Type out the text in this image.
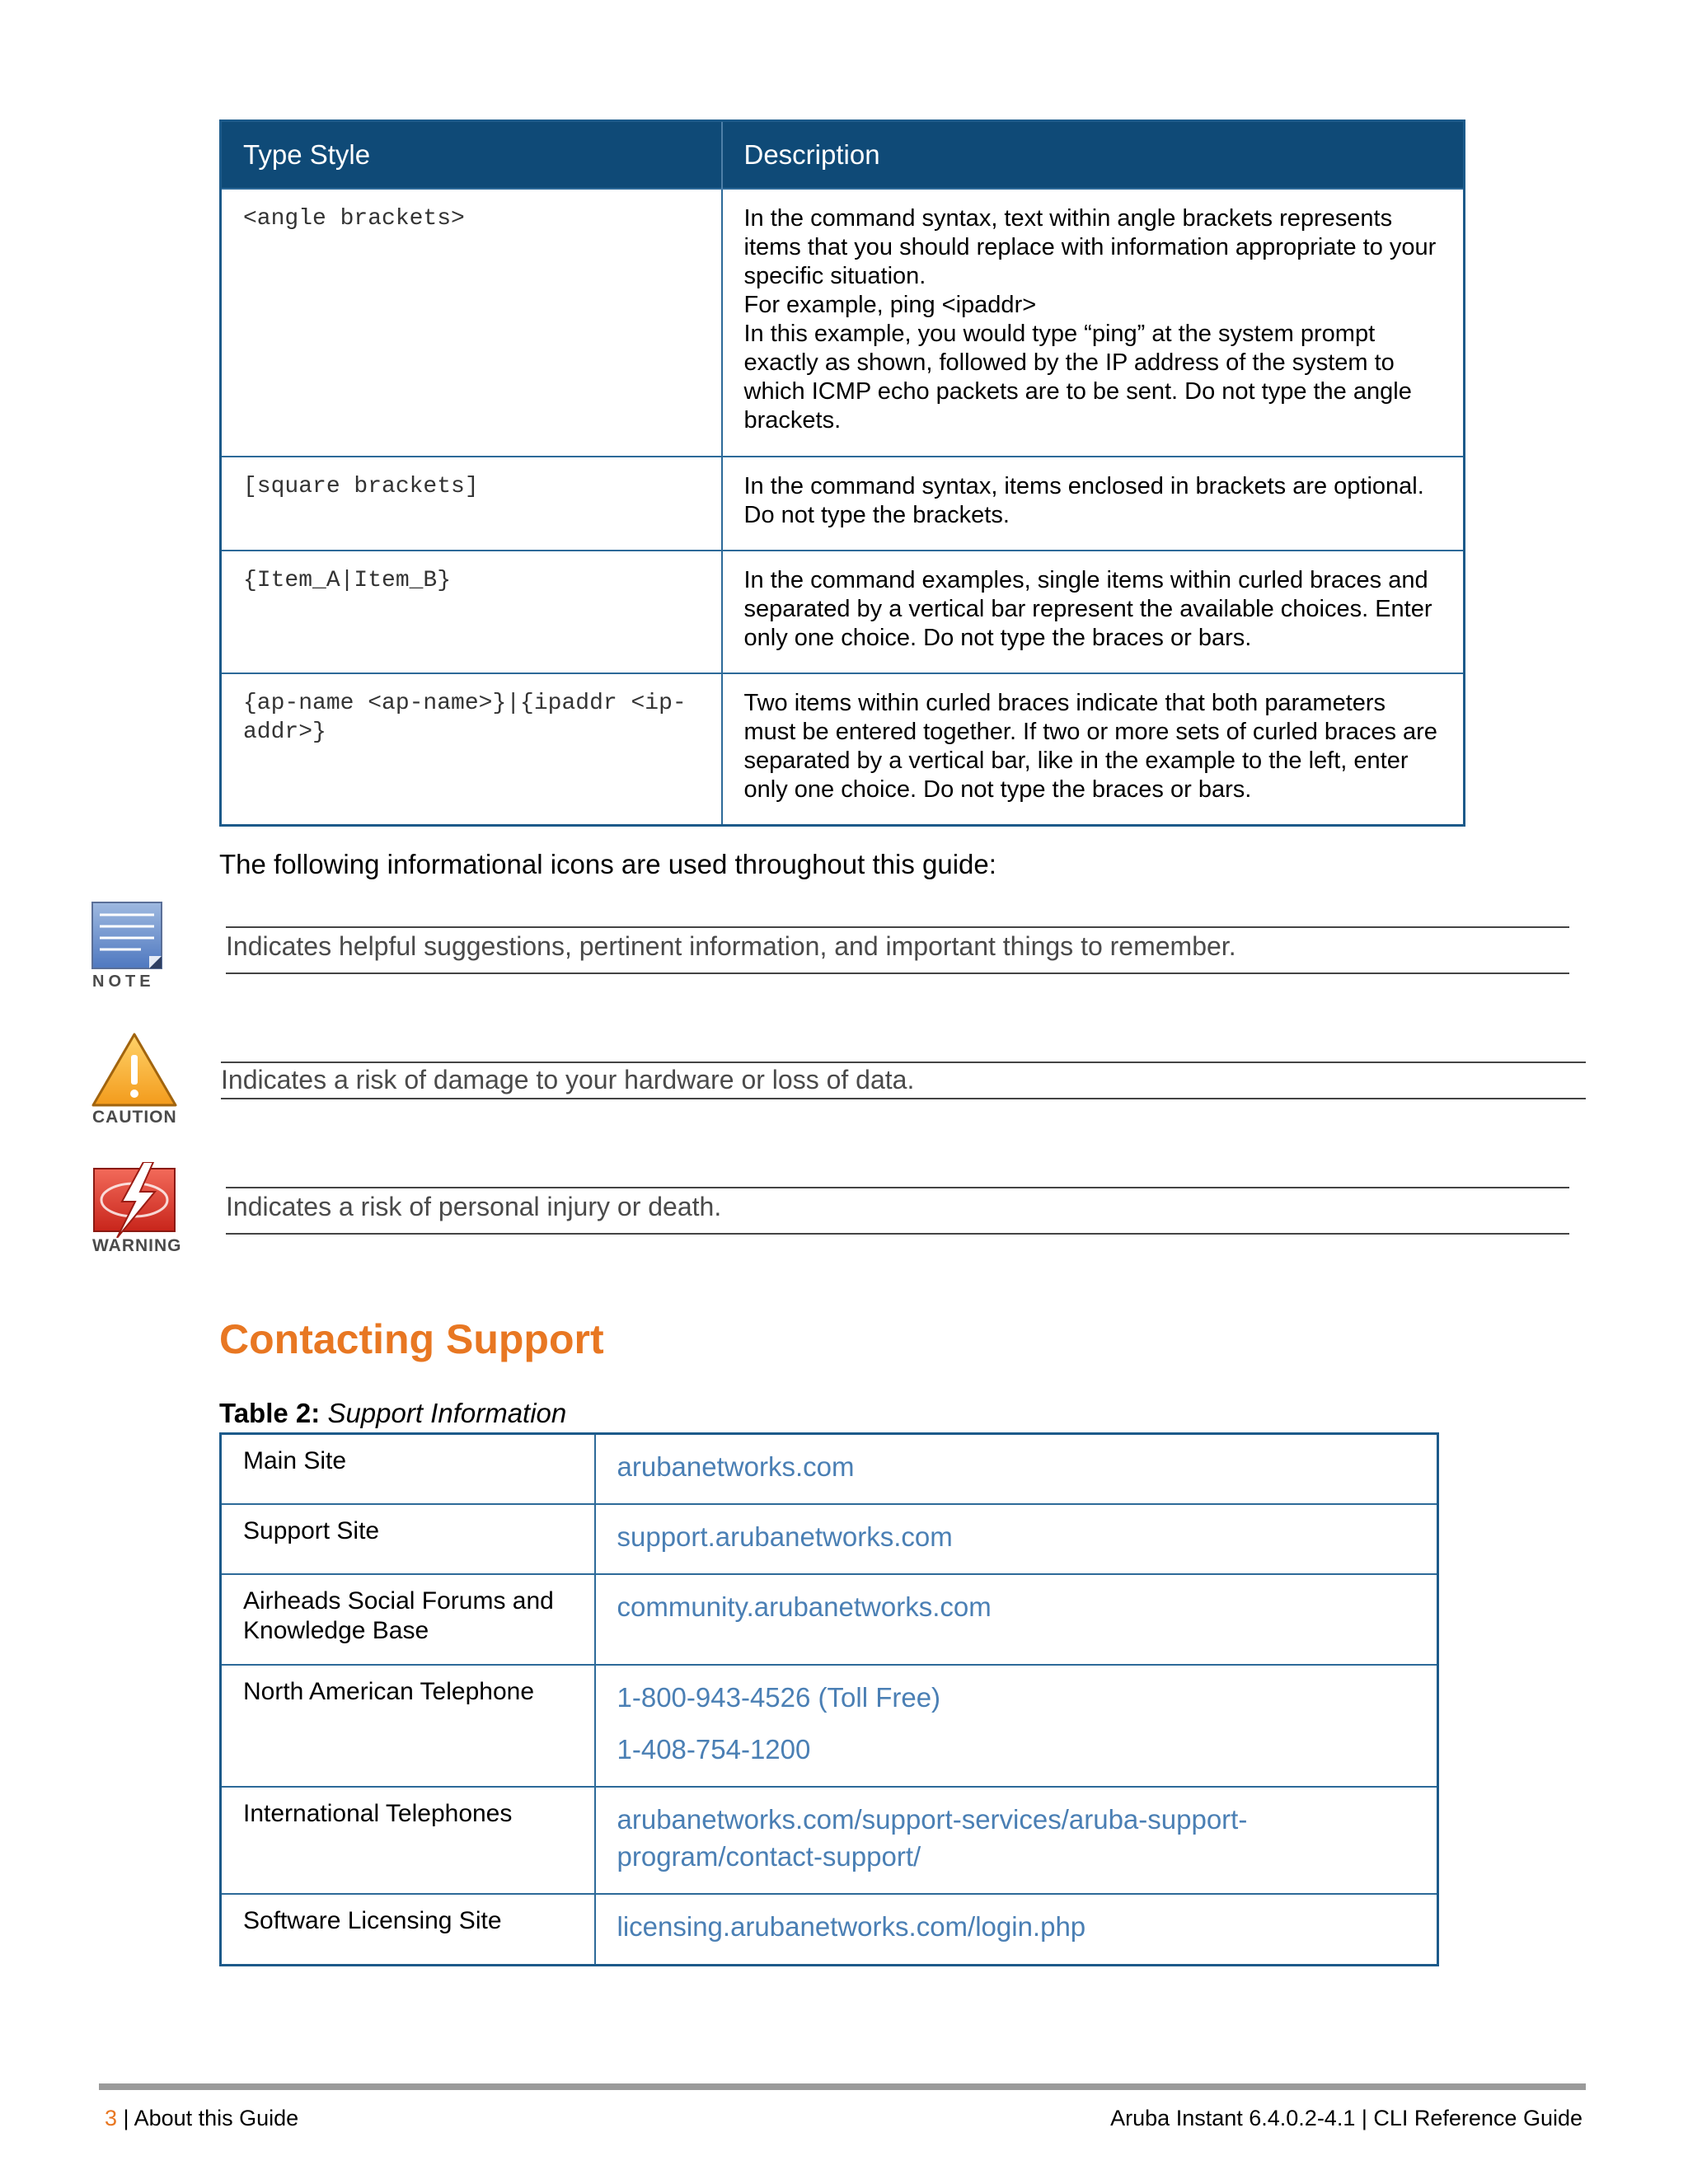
Type Style	Description
<angle brackets>	In the command syntax, text within angle brackets represents items that you should replace with information appropriate to your specific situation.
For example, ping <ipaddr>
In this example, you would type “ping” at the system prompt exactly as shown, followed by the IP address of the system to which ICMP echo packets are to be sent. Do not type the angle brackets.

[square brackets]	In the command syntax, items enclosed in brackets are optional. Do not type the brackets.

{Item_A|Item_B}	In the command examples, single items within curled braces and separated by a vertical bar represent the available choices. Enter only one choice. Do not type the braces or bars.

{ap-name <ap-name>}|{ipaddr <ip-addr>}	Two items within curled braces indicate that both parameters must be entered together. If two or more sets of curled braces are separated by a vertical bar, like in the example to the left, enter only one choice. Do not type the braces or bars.
The following informational icons are used throughout this guide:
NOTE
Indicates helpful suggestions, pertinent information, and important things to remember.
CAUTION
Indicates a risk of damage to your hardware or loss of data.
WARNING
Indicates a risk of personal injury or death.
Contacting Support
Table 2: Support Information
Main Site	arubanetworks.com

Support Site	support.arubanetworks.com

Airheads Social Forums and Knowledge Base	community.arubanetworks.com

North American Telephone	1-800-943-4526 (Toll Free)
1-408-754-1200

International Telephones	arubanetworks.com/support-services/aruba-support-program/contact-support/

Software Licensing Site	licensing.arubanetworks.com/login.php
3 | About this Guide	Aruba Instant 6.4.0.2-4.1 | CLI Reference Guide
